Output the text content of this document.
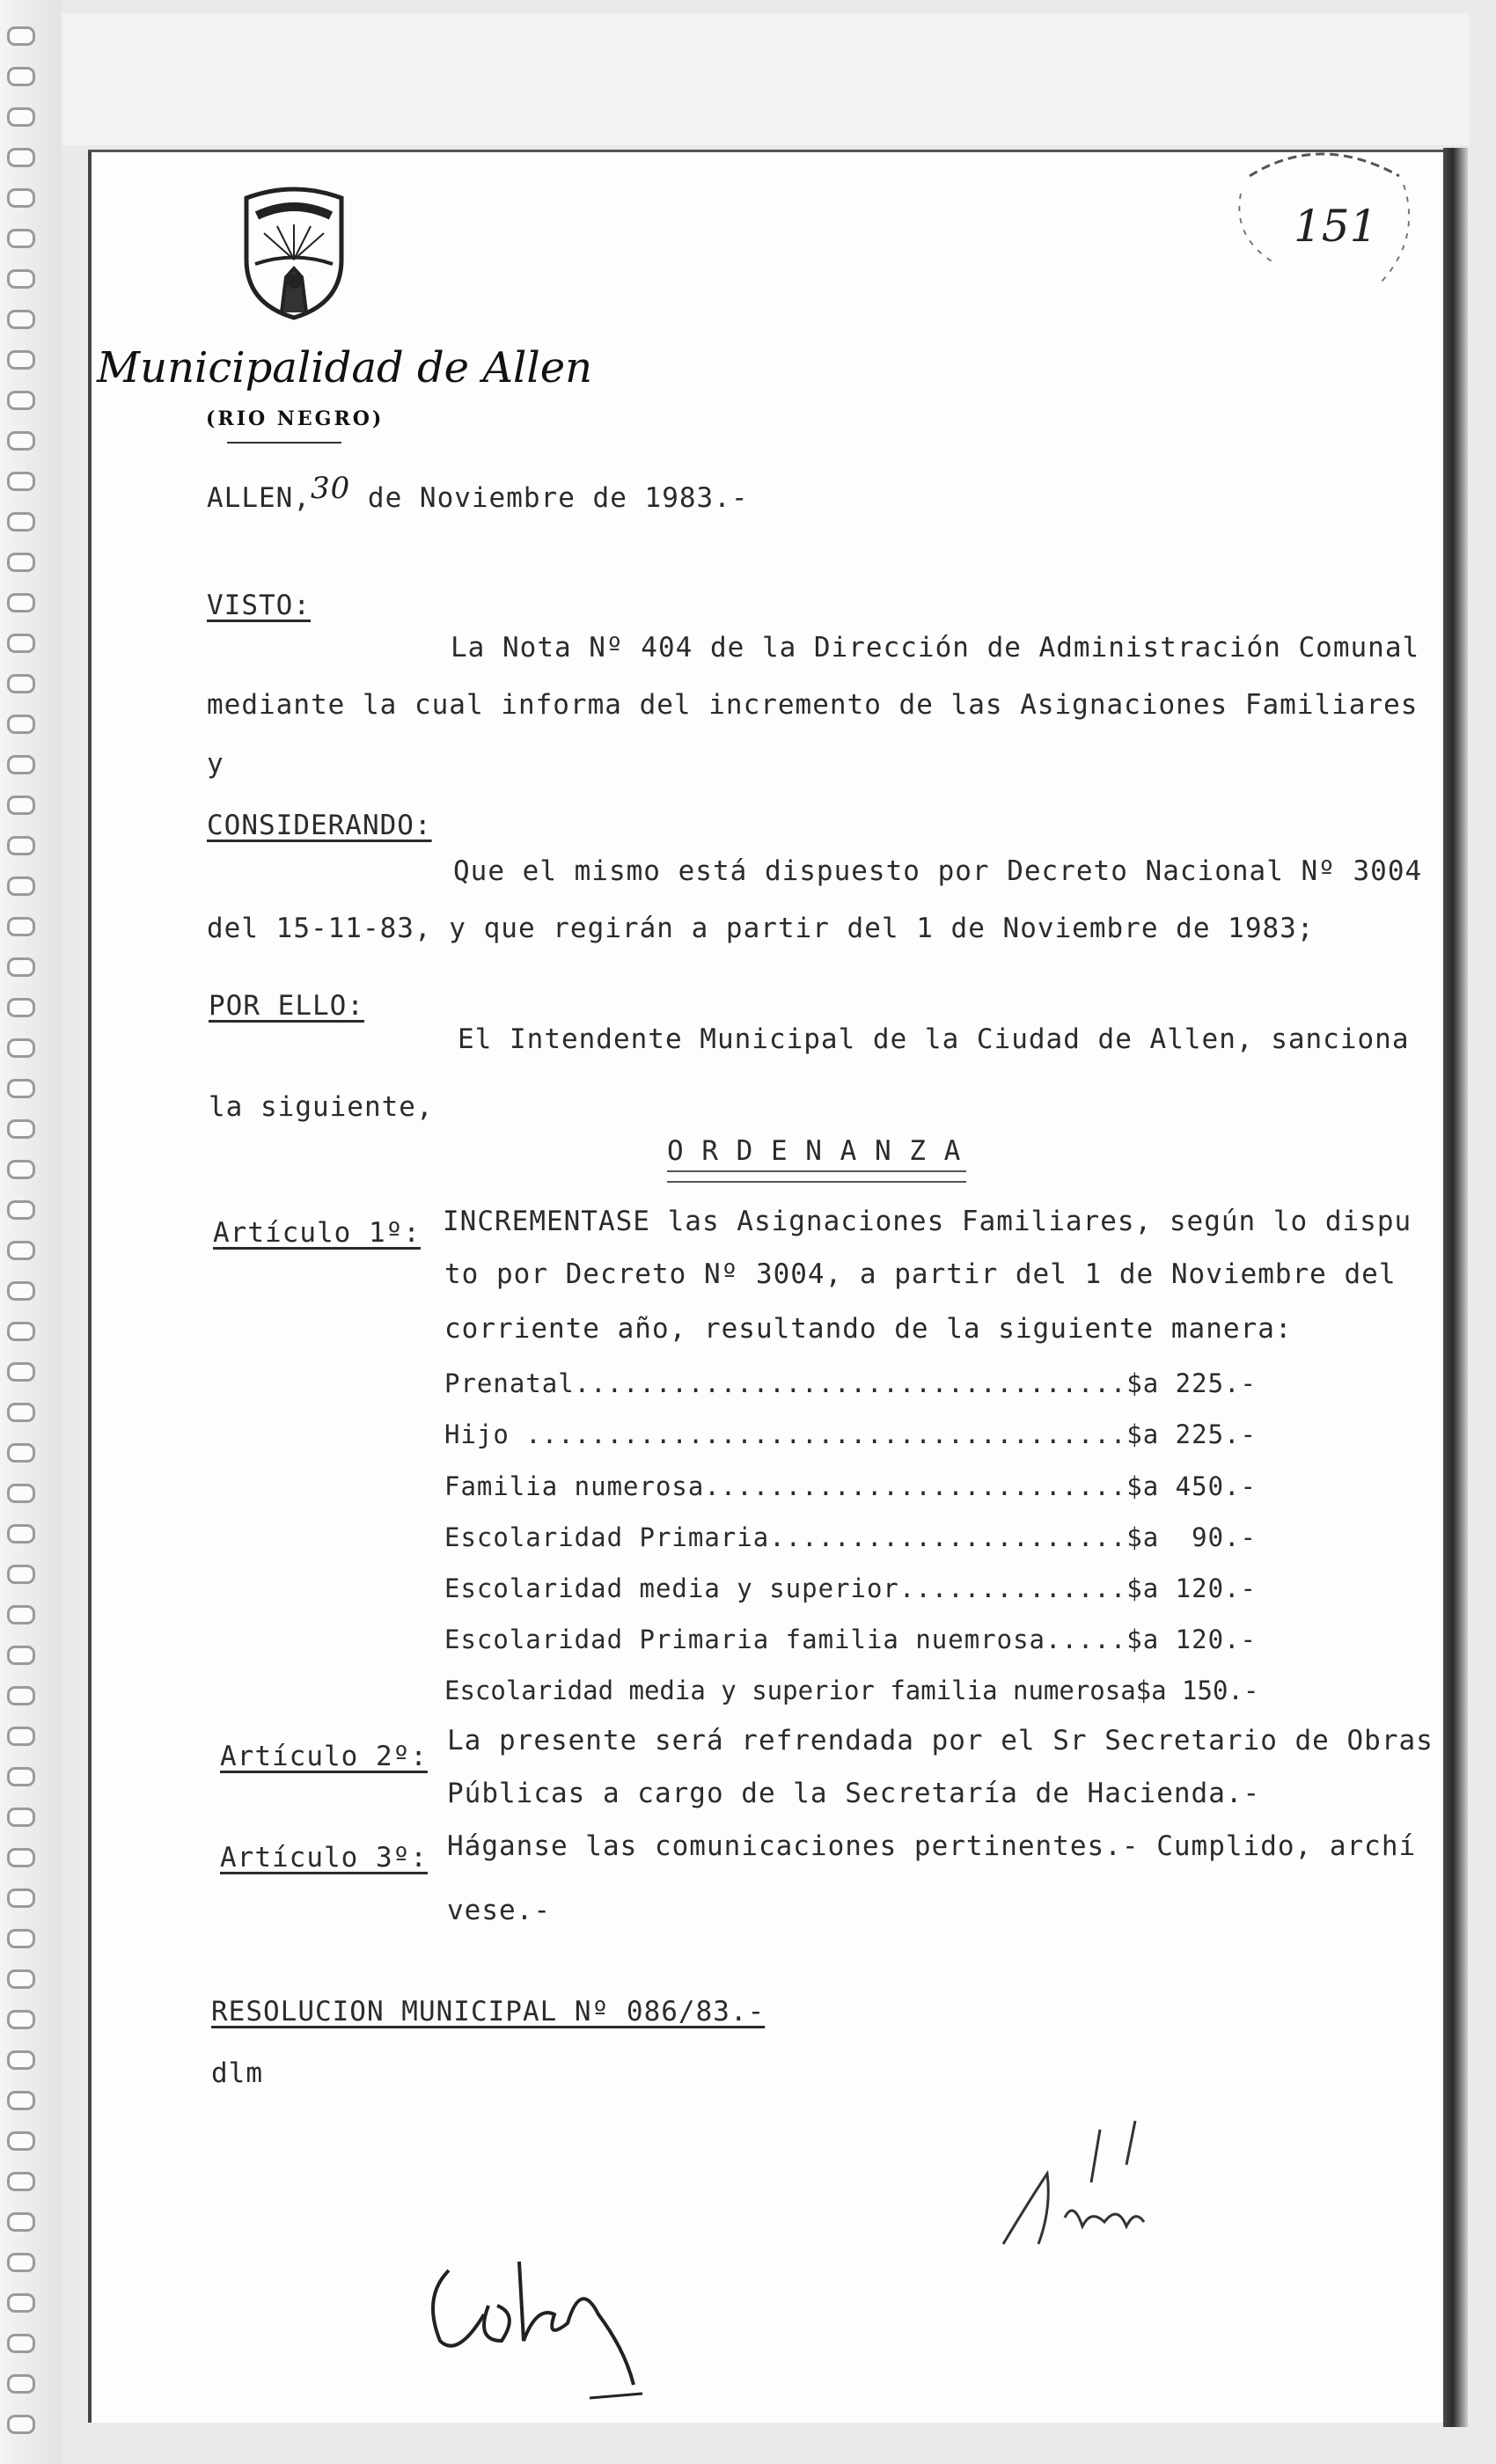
Municipalidad de Allen
(RIO NEGRO)
151
ALLEN,30 de Noviembre de 1983.-
VISTO:
La Nota Nº 404 de la Dirección de Administración Comunal
mediante la cual informa del incremento de las Asignaciones Familiares
y
CONSIDERANDO:
Que el mismo está dispuesto por Decreto Nacional Nº 3004
del 15-11-83, y que regirán a partir del 1 de Noviembre de 1983;
POR ELLO:
El Intendente Municipal de la Ciudad de Allen, sanciona
la siguiente,
O R D E N A N Z A
Artículo 1º: INCREMENTASE las Asignaciones Familiares, según lo dispu
to por Decreto Nº 3004, a partir del 1 de Noviembre del
corriente año, resultando de la siguiente manera:
Prenatal..................................$a 225.-
Hijo .....................................$a 225.-
Familia numerosa..........................$a 450.-
Escolaridad Primaria......................$a  90.-
Escolaridad media y superior..............$a 120.-
Escolaridad Primaria familia nuemrosa.....$a 120.-
Escolaridad media y superior familia numerosa$a 150.-
Artículo 2º: La presente será refrendada por el Sr Secretario de Obras
Públicas a cargo de la Secretaría de Hacienda.-
Artículo 3º: Háganse las comunicaciones pertinentes.- Cumplido, archí
vese.-
RESOLUCION MUNICIPAL Nº 086/83.-
dlm
